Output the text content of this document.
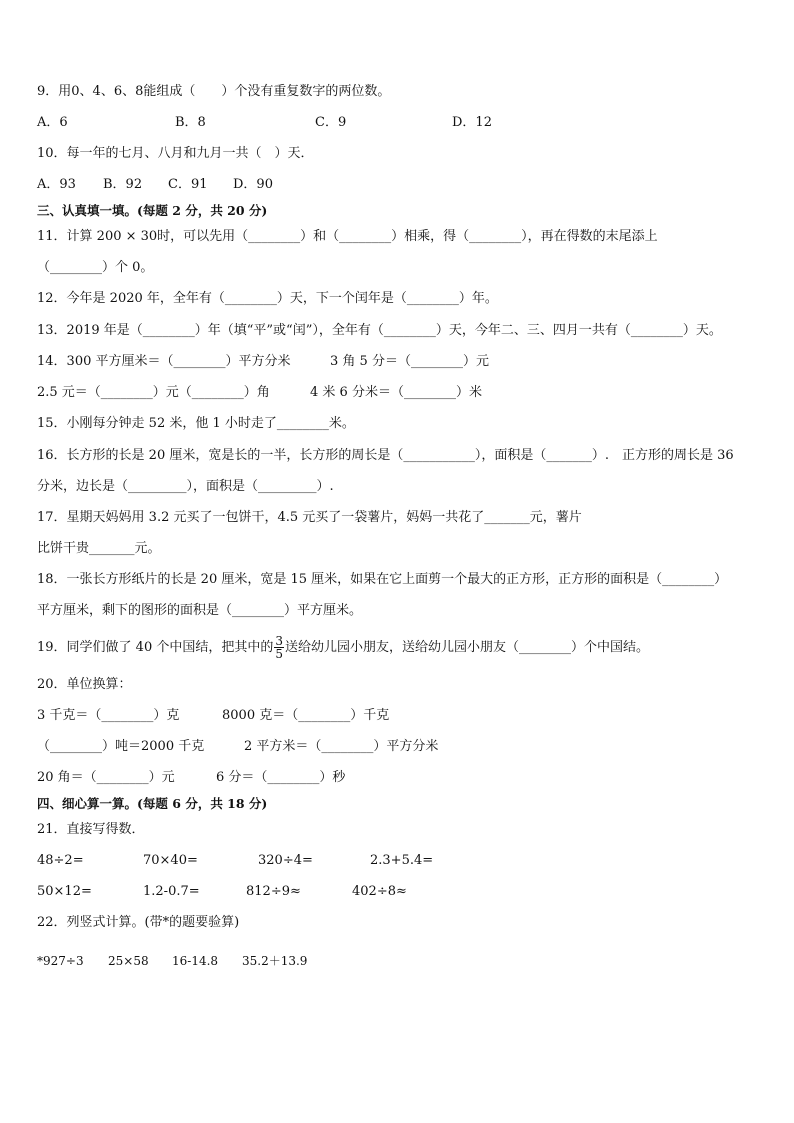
9．用0、4、6、8能组成（　　）个没有重复数字的两位数。
A．6	B．8	C．9	D．12
10．每一年的七月、八月和九月一共（　）天．
A．93 B．92 C．91 D．90
三、认真填一填。(每题 2 分，共 20 分)
11．计算 200 × 30时，可以先用（________）和（________）相乘，得（________），再在得数的末尾添上
（________）个 0。
12．今年是 2020 年，全年有（________）天，下一个闰年是（________）年。
13．2019 年是（________）年（填“平”或“闰”），全年有（________）天，今年二、三、四月一共有（________）天。
14．300 平方厘米＝（________）平方分米	3 角 5 分＝（________）元
2.5 元＝（________）元（________）角	4 米 6 分米＝（________）米
15．小刚每分钟走 52 米，他 1 小时走了________米。
16．长方形的长是 20 厘米，宽是长的一半，长方形的周长是（___________），面积是（_______）.　正方形的周长是 36
分米，边长是（_________），面积是（_________）.
17．星期天妈妈用 3.2 元买了一包饼干，4.5 元买了一袋薯片，妈妈一共花了_______元，薯片
比饼干贵_______元。
18．一张长方形纸片的长是 20 厘米，宽是 15 厘米，如果在它上面剪一个最大的正方形，正方形的面积是（________）
平方厘米，剩下的图形的面积是（________）平方厘米。
19．同学们做了 40 个中国结，把其中的 $\frac{3}{5}$ 送给幼儿园小朋友，送给幼儿园小朋友（________）个中国结。
20．单位换算：
3 千克＝（________）克	8000 克＝（________）千克
（________）吨＝2000 千克	2 平方米＝（________）平方分米
20 角＝（________）元	6 分＝（________）秒
四、细心算一算。(每题 6 分，共 18 分)
21．直接写得数．
48÷2=	70×40=	320÷4=	2.3+5.4=
50×12=	1.2-0.7=	812÷9≈	402÷8≈
22．列竖式计算。(带*的题要验算)
*927÷3 25×58 16-14.8 35.2＋13.9
